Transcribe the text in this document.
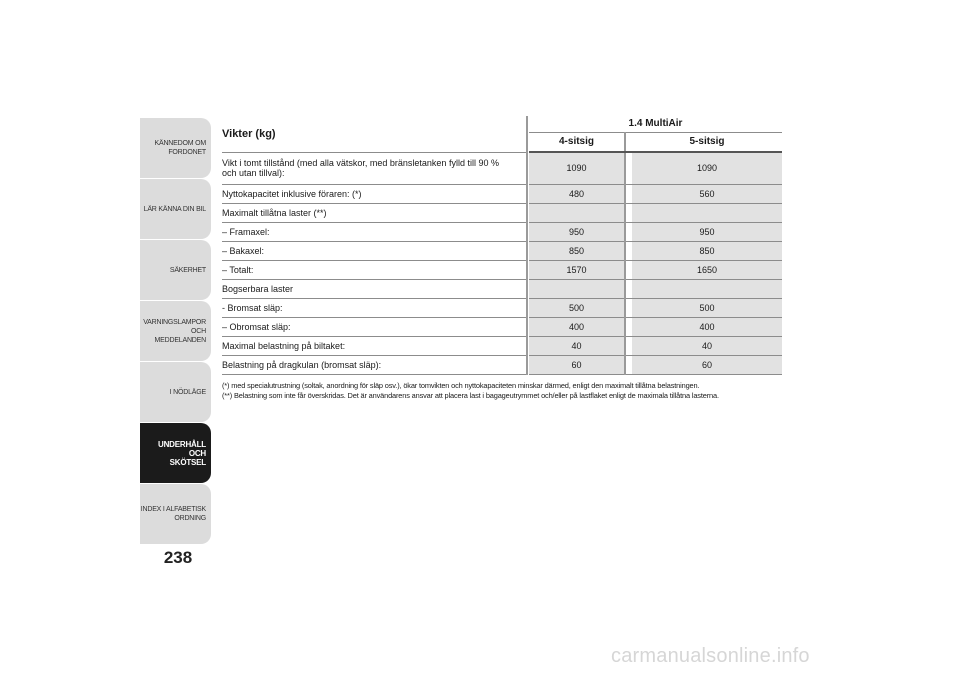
KÄNNEDOM OM
FORDONET
LÄR KÄNNA DIN BIL
SÄKERHET
VARNINGSLAMPOR
OCH MEDDELANDEN
I NÖDLÄGE
UNDERHÅLL OCH
SKÖTSEL
INDEX I ALFABETISK
ORDNING
238
Vikter (kg)		1.4 MultiAir		
		4-sitsig		5-sitsig
Vikt i tomt tillstånd (med alla vätskor, med bränsletanken fylld till 90 % och utan tillval):		1090		1090
Nyttokapacitet inklusive föraren: (*)		480		560
Maximalt tillåtna laster (**)				
– Framaxel:		950		950
– Bakaxel:		850		850
– Totalt:		1570		1650
Bogserbara laster				
- Bromsat släp:		500		500
– Obromsat släp:		400		400
Maximal belastning på biltaket:		40		40
Belastning på dragkulan (bromsat släp):		60		60
(*) med specialutrustning (soltak, anordning för släp osv.), ökar tomvikten och nyttokapaciteten minskar därmed, enligt den maximalt tillåtna belastningen.
(**) Belastning som inte får överskridas. Det är användarens ansvar att placera last i bagageutrymmet och/eller på lastflaket enligt de maximala tillåtna lasterna.
carmanualsonline.info
